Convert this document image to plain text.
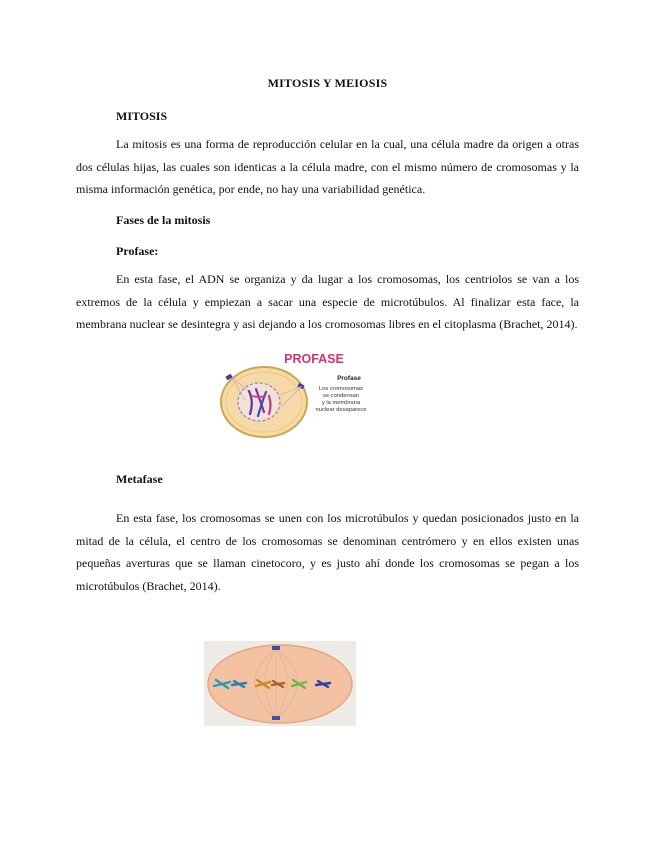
MITOSIS Y MEIOSIS
MITOSIS

La mitosis es una forma de reproducción celular en la cual, una célula madre da origen a otras dos células hijas, las cuales son identicas a la célula madre, con el mismo número de cromosomas y la misma información genética, por ende, no hay una variabilidad genética.

Fases de la mitosis
Profase:

En esta fase, el ADN se organiza y da lugar a los cromosomas, los centriolos se van a los extremos de la célula y empiezan a sacar una especie de microtúbulos. Al finalizar esta face, la membrana nuclear se desintegra y asi dejando a los cromosomas libres en el citoplasma (Brachet, 2014).

PROFASE
Profase
Los cromosomas
se condensan
y la membrana
nuclear desaparece
Metafase

En esta fase, los cromosomas se unen con los microtúbulos y quedan posicionados justo en la mitad de la célula, el centro de los cromosomas se denominan centrómero y en ellos existen unas pequeñas averturas que se llaman cinetocoro, y es justo ahí donde los cromosomas se pegan a los microtúbulos (Brachet, 2014).
